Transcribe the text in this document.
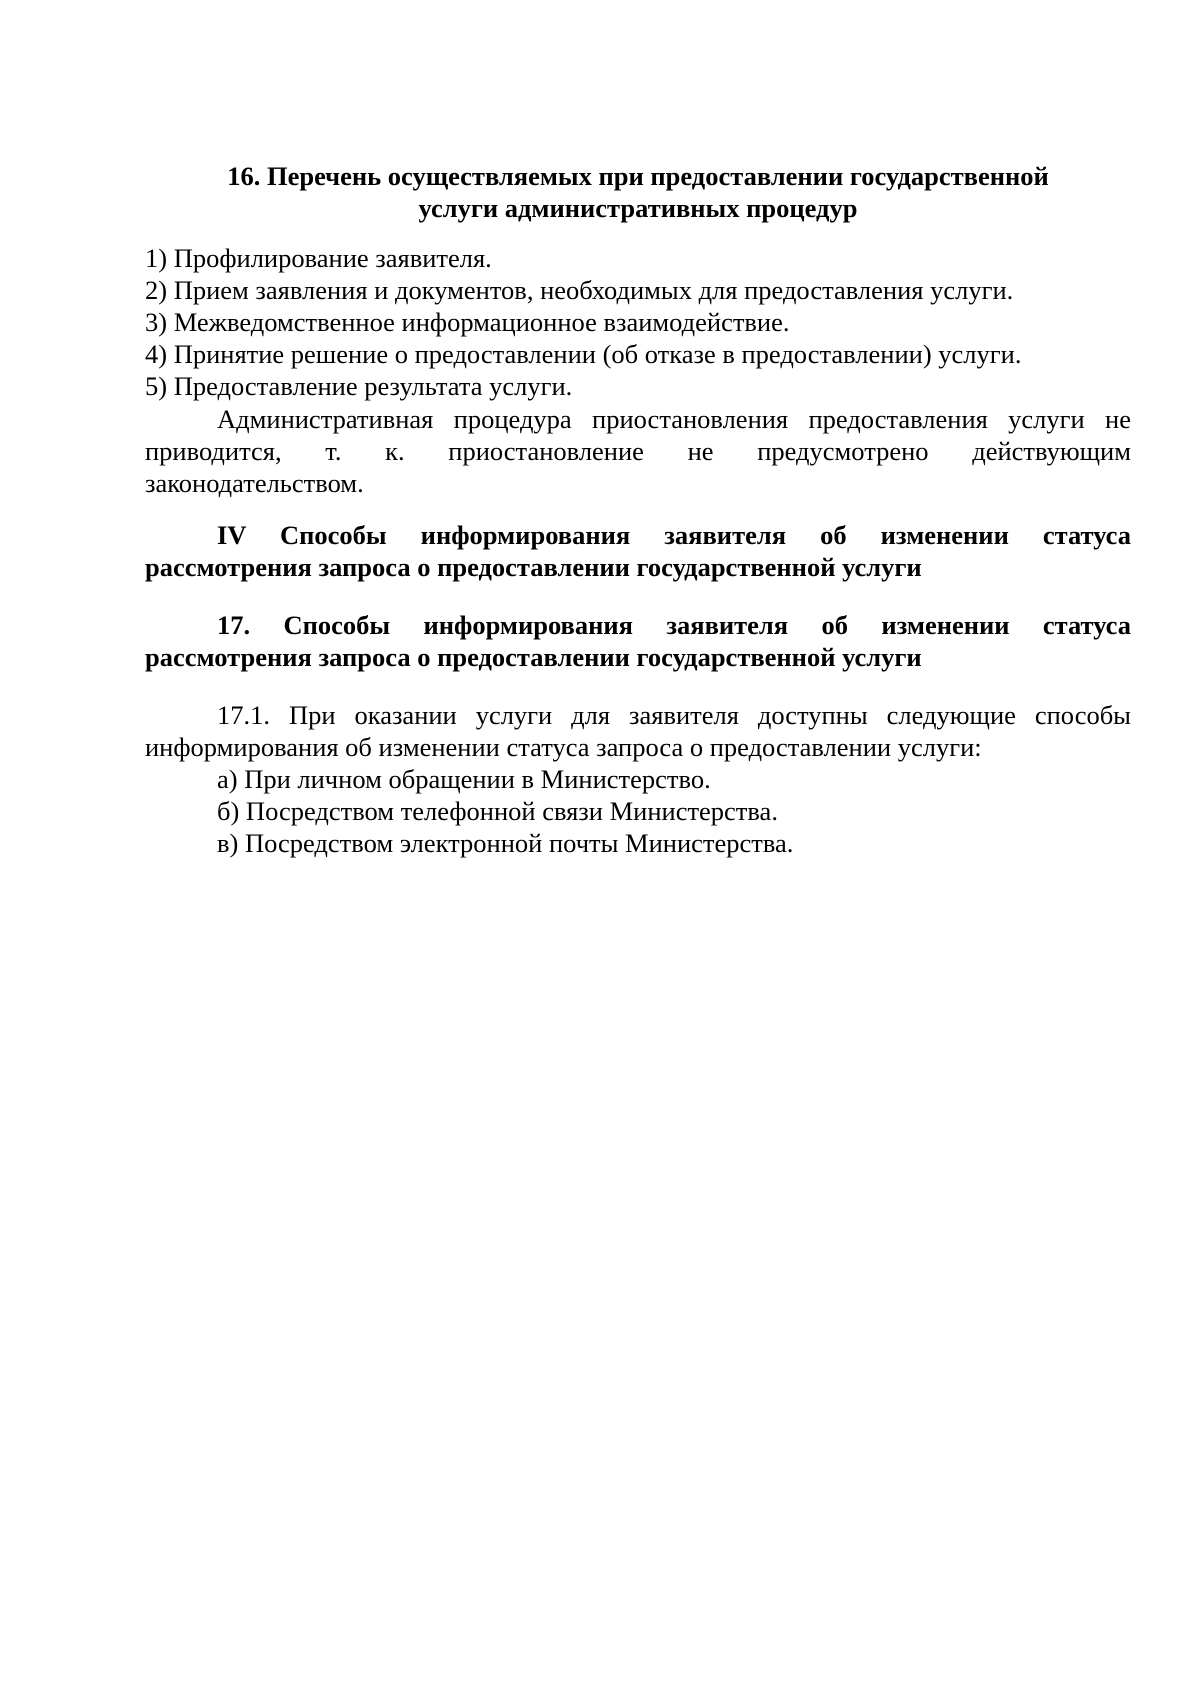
16. Перечень осуществляемых при предоставлении государственной
услуги административных процедур
1) Профилирование заявителя.
2) Прием заявления и документов, необходимых для предоставления услуги.
3) Межведомственное информационное взаимодействие.
4) Принятие решение о предоставлении (об отказе в предоставлении) услуги.
5) Предоставление результата услуги.

Административная процедура приостановления предоставления услуги не приводится, т. к. приостановление не предусмотрено действующим законодательством.

IV Способы информирования заявителя об изменении статуса рассмотрения запроса о предоставлении государственной услуги

17. Способы информирования заявителя об изменении статуса рассмотрения запроса о предоставлении государственной услуги

17.1. При оказании услуги для заявителя доступны следующие способы информирования об изменении статуса запроса о предоставлении услуги:

а) При личном обращении в Министерство.
б) Посредством телефонной связи Министерства.
в) Посредством электронной почты Министерства.
